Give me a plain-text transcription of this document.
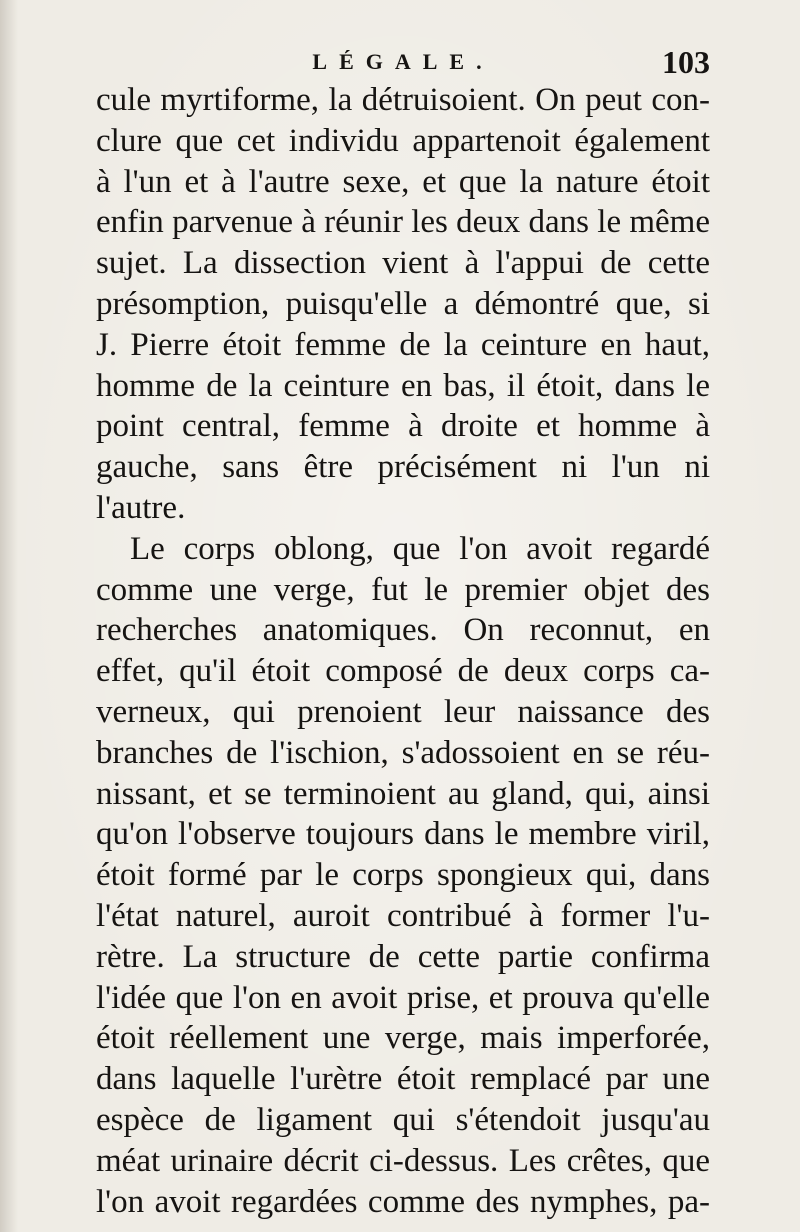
LÉGALE.	103
cule myrtiforme, la détruisoient. On peut con-
clure que cet individu appartenoit également
à l'un et à l'autre sexe, et que la nature étoit
enfin parvenue à réunir les deux dans le même
sujet. La dissection vient à l'appui de cette
présomption, puisqu'elle a démontré que, si
J. Pierre étoit femme de la ceinture en haut,
homme de la ceinture en bas, il étoit, dans le
point central, femme à droite et homme à
gauche, sans être précisément ni l'un ni
l'autre.
Le corps oblong, que l'on avoit regardé
comme une verge, fut le premier objet des
recherches anatomiques. On reconnut, en
effet, qu'il étoit composé de deux corps ca-
verneux, qui prenoient leur naissance des
branches de l'ischion, s'adossoient en se réu-
nissant, et se terminoient au gland, qui, ainsi
qu'on l'observe toujours dans le membre viril,
étoit formé par le corps spongieux qui, dans
l'état naturel, auroit contribué à former l'u-
rètre. La structure de cette partie confirma
l'idée que l'on en avoit prise, et prouva qu'elle
étoit réellement une verge, mais imperforée,
dans laquelle l'urètre étoit remplacé par une
espèce de ligament qui s'étendoit jusqu'au
méat urinaire décrit ci-dessus. Les crêtes, que
l'on avoit regardées comme des nymphes, pa-
